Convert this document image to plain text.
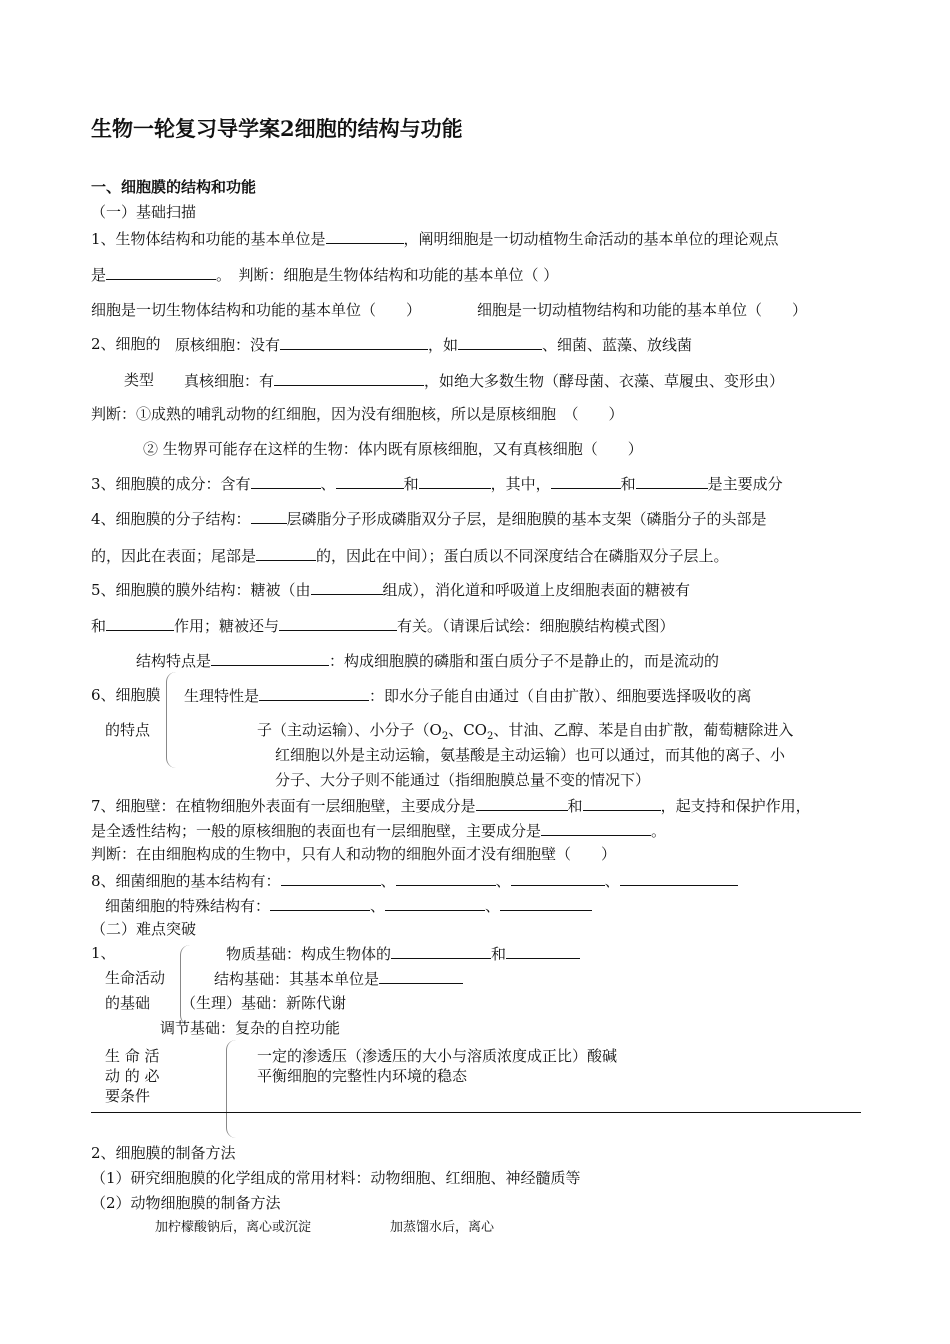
生物一轮复习导学案2细胞的结构与功能
一、细胞膜的结构和功能
（一）基础扫描
1、生物体结构和功能的基本单位是	，阐明细胞是一切动植物生命活动的基本单位的理论观点
是	。　判断：细胞是生物体结构和功能的基本单位（ ）
细胞是一切生物体结构和功能的基本单位（　　）	细胞是一切动植物结构和功能的基本单位（　　）
2、细胞的 原核细胞：没有	，如	、细菌、蓝藻、放线菌
类型 真核细胞：有	，如绝大多数生物（酵母菌、衣藻、草履虫、变形虫）
判断：①成熟的哺乳动物的红细胞，因为没有细胞核，所以是原核细胞　（　　）
② 生物界可能存在这样的生物：体内既有原核细胞，又有真核细胞（　　）
3、细胞膜的成分：含有	、	和	，其中，	和	是主要成分
4、细胞膜的分子结构： 层磷脂分子形成磷脂双分子层，是细胞膜的基本支架（磷脂分子的头部是
的，因此在表面；尾部是	的，因此在中间）；蛋白质以不同深度结合在磷脂双分子层上。
5、细胞膜的膜外结构：糖被（由	组成），消化道和呼吸道上皮细胞表面的糖被有
和	作用；糖被还与	有关。（请课后试绘：细胞膜结构模式图）
结构特点是	：构成细胞膜的磷脂和蛋白质分子不是静止的，而是流动的
6、细胞膜 生理特性是	：即水分子能自由通过（自由扩散）、细胞要选择吸收的离
的特点	子（主动运输）、小分子（$O_2$、$CO_2$、甘油、乙醇、苯是自由扩散，葡萄糖除进入
红细胞以外是主动运输，氨基酸是主动运输）也可以通过，而其他的离子、小
分子、大分子则不能通过（指细胞膜总量不变的情况下）
7、细胞壁：在植物细胞外表面有一层细胞壁，主要成分是	和	，起支持和保护作用，
是全透性结构；一般的原核细胞的表面也有一层细胞壁，主要成分是	。
判断：在由细胞构成的生物中，只有人和动物的细胞外面才没有细胞壁（　　）
8、细菌细胞的基本结构有：	、	、	、
细菌细胞的特殊结构有：	、	、
（二）难点突破
1、	物质基础：构成生物体的	和
生命活动	结构基础：其基本单位是
的基础 （生理）基础：新陈代谢
调节基础：复杂的自控功能
生 命 活
动 的 必
要条件
一定的渗透压（渗透压的大小与溶质浓度成正比）酸碱
平衡细胞的完整性内环境的稳态
2、细胞膜的制备方法
（1）研究细胞膜的化学组成的常用材料：动物细胞、红细胞、神经髓质等
（2）动物细胞膜的制备方法
加柠檬酸钠后，离心或沉淀	加蒸馏水后，离心
